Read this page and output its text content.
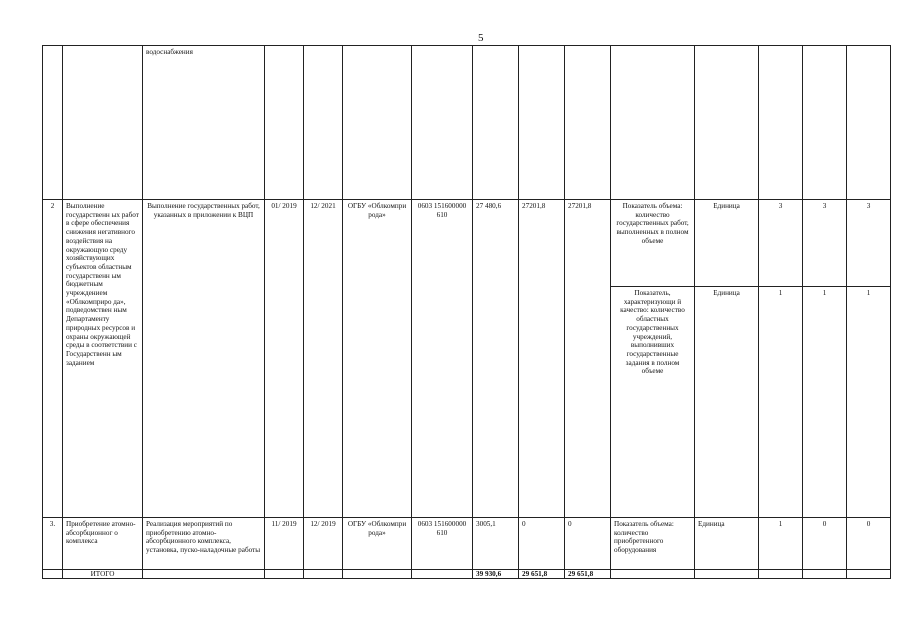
5
		водоснабжения												
2	Выполнение государственн ых работ в сфере обеспечения снижения негативного воздействия на окружающую среду хозяйствующих субъектов областным государственн ым бюджетным учреждением «Облкомприро да», подведомствен ным Департаменту природных ресурсов и охраны окружающей среды в соответствии с Государственн ым заданием	Выполнение государственных работ, указанных в приложении к ВЦП	01/ 2019	12/ 2021	ОГБУ «Облкомпри рода»	0603 151600000 610	27 480,6	27201,8	27201,8	Показатель объема: количество государственных работ, выполненных в полном объеме	Единица	3	3	3
										Показатель, характеризующи й качество: количество областных государственных учреждений, выполнивших государственные задания в полном объеме	Единица	1	1	1
3.	Приобретение атомно-абсорбционног о комплекса	Реализация мероприятий по приобретению атомно-абсорбционного комплекса, установка, пуско-наладочные работы	11/ 2019	12/ 2019	ОГБУ «Облкомпри рода»	0603 151600000 610	3005,1	0	0	Показатель объема: количество приобретенного оборудования	Единица	1	0	0
	ИТОГО						39 930,6	29 651,8	29 651,8					
